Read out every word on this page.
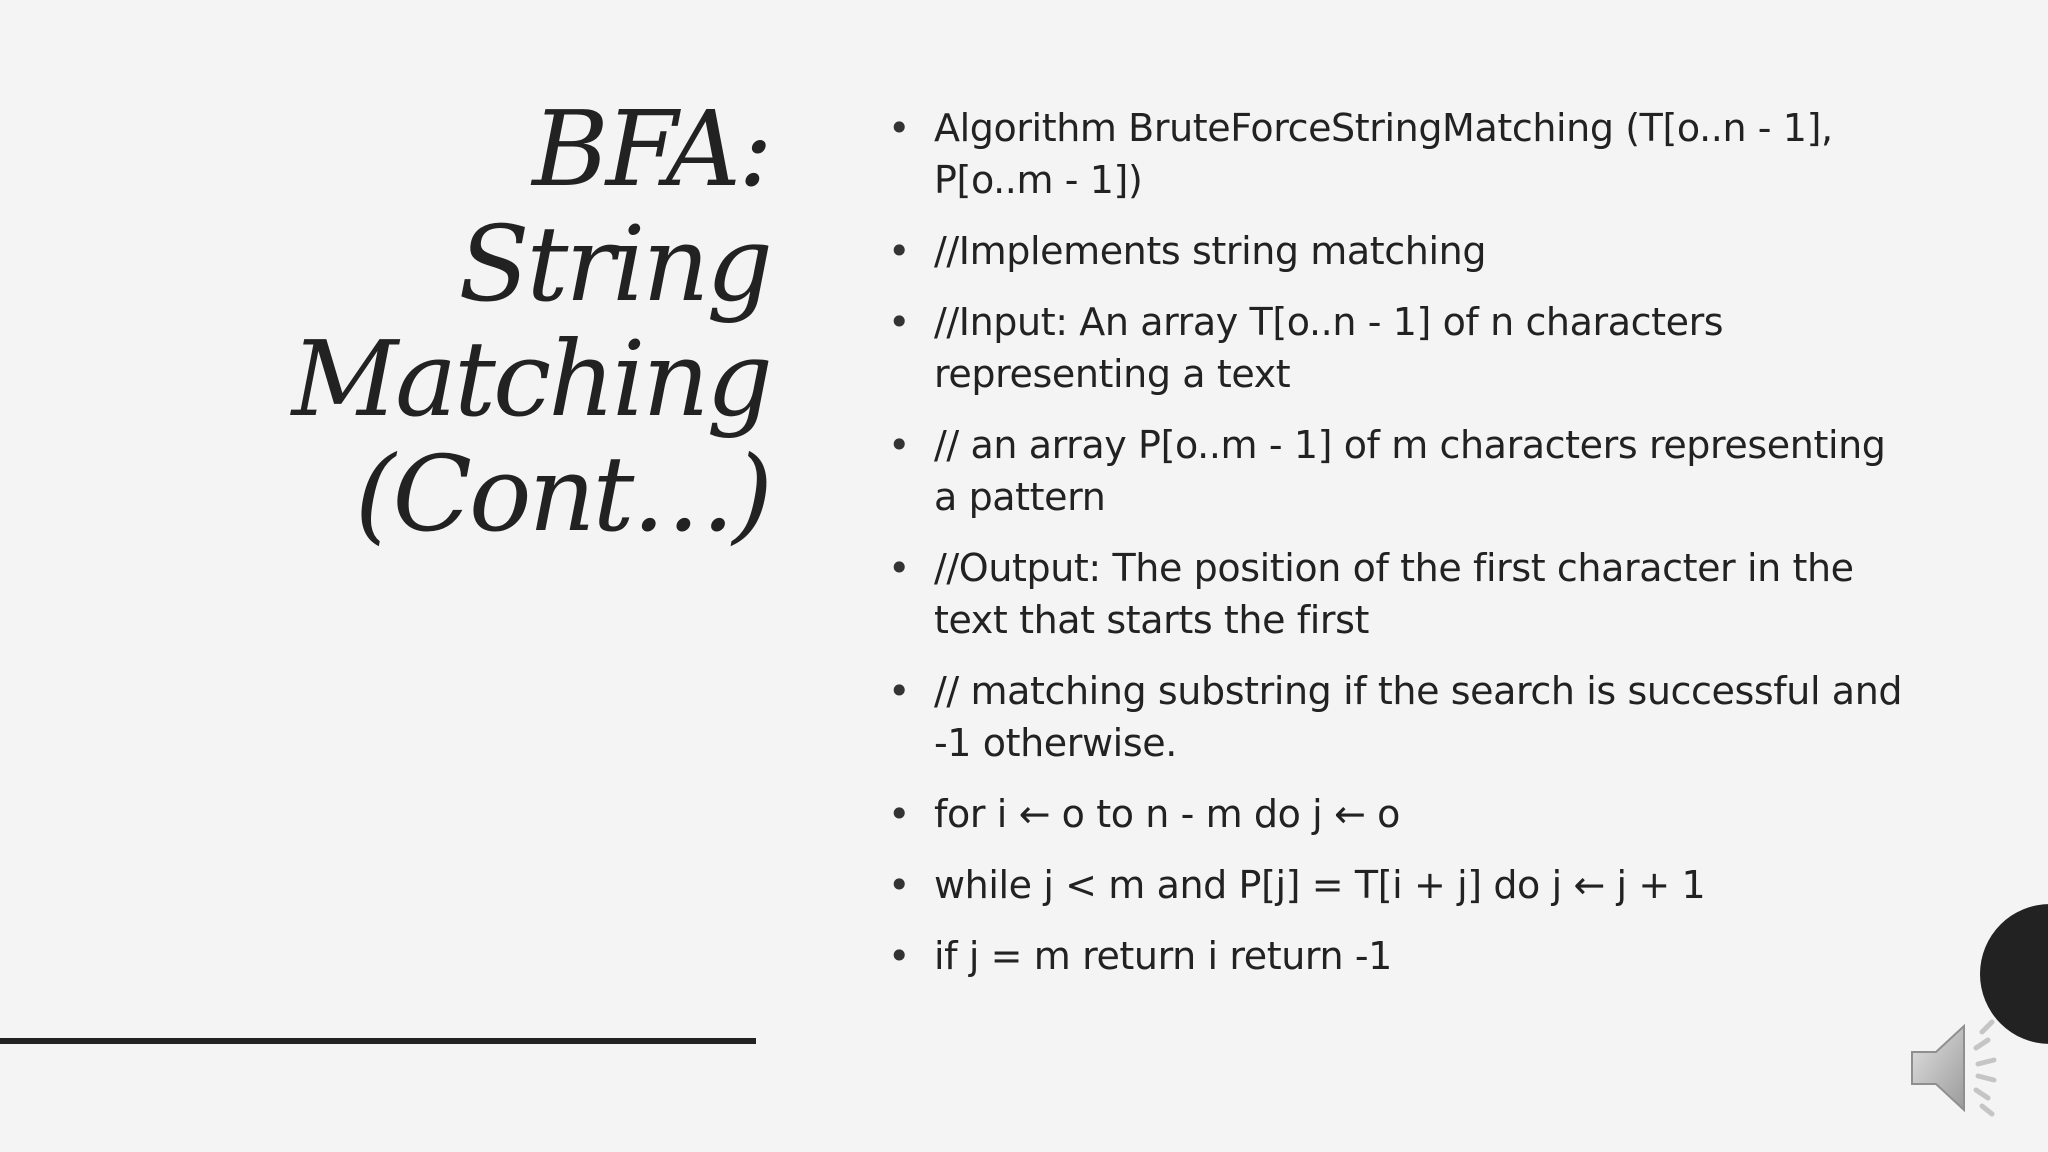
BFA:
String
Matching
(Cont…)
• Algorithm BruteForceStringMatching (T[o..n - 1], P[o..m - 1])
• //Implements string matching
• //Input: An array T[o..n - 1] of n characters representing a text
• // an array P[o..m - 1] of m characters representing a pattern
• //Output: The position of the first character in the text that starts the first
• // matching substring if the search is successful and -1 otherwise.
• for i ← o to n - m do j ← o
• while j < m and P[j] = T[i + j] do j ← j + 1
• if j = m return i return -1
